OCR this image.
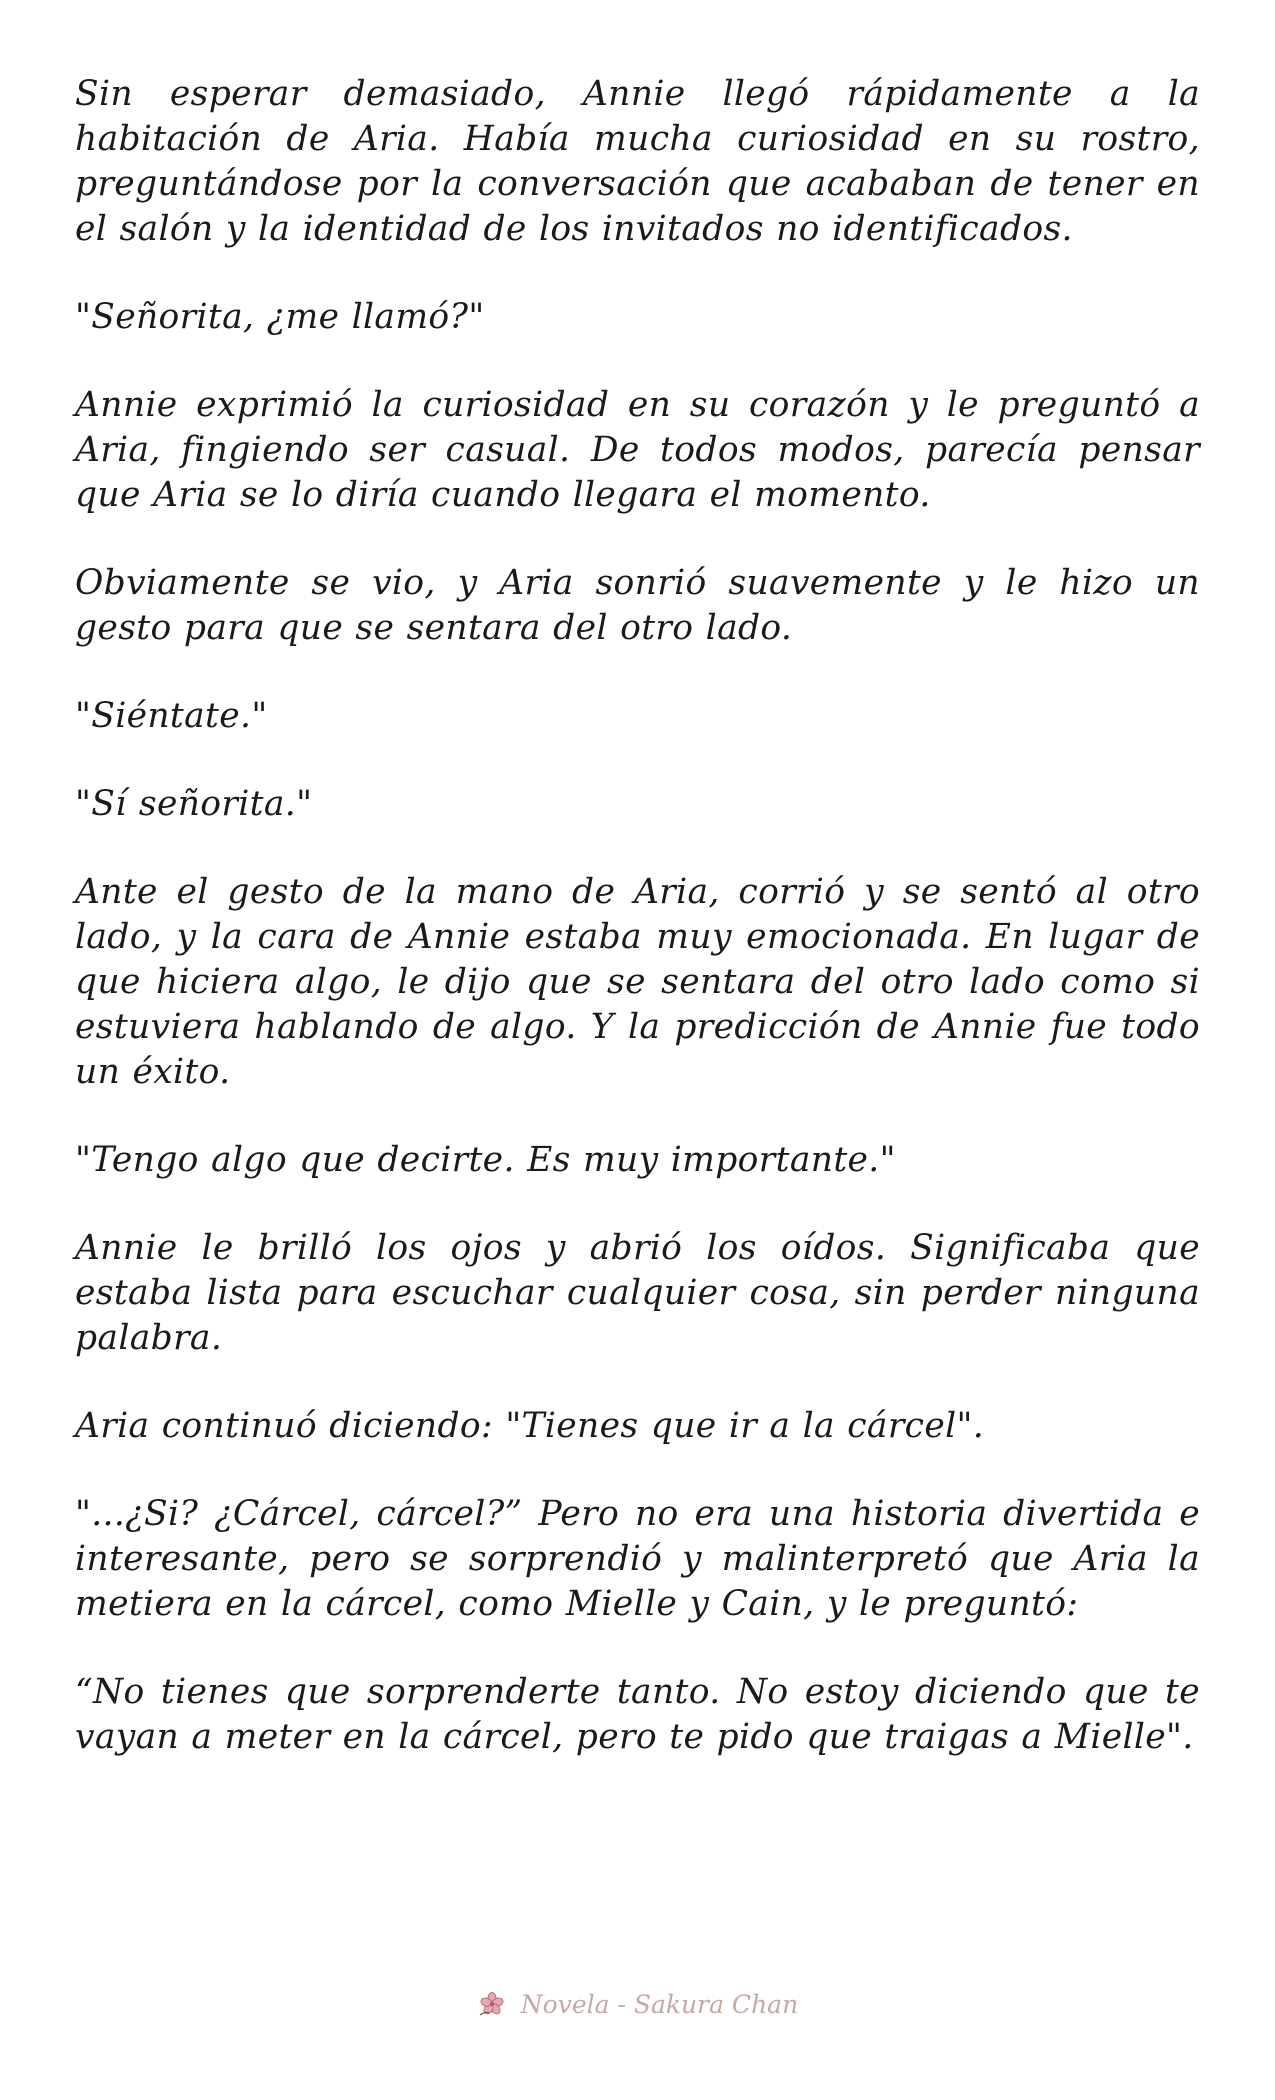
Sin esperar demasiado, Annie llegó rápidamente a la habitación de Aria. Había mucha curiosidad en su rostro, preguntándose por la conversación que acababan de tener en el salón y la identidad de los invitados no identificados.

"Señorita, ¿me llamó?"

Annie exprimió la curiosidad en su corazón y le preguntó a Aria, fingiendo ser casual. De todos modos, parecía pensar que Aria se lo diría cuando llegara el momento.

Obviamente se vio, y Aria sonrió suavemente y le hizo un gesto para que se sentara del otro lado.

"Siéntate."

"Sí señorita."

Ante el gesto de la mano de Aria, corrió y se sentó al otro lado, y la cara de Annie estaba muy emocionada. En lugar de que hiciera algo, le dijo que se sentara del otro lado como si estuviera hablando de algo. Y la predicción de Annie fue todo un éxito.

"Tengo algo que decirte. Es muy importante."

Annie le brilló los ojos y abrió los oídos. Significaba que estaba lista para escuchar cualquier cosa, sin perder ninguna palabra.

Aria continuó diciendo: "Tienes que ir a la cárcel".

"...¿Si? ¿Cárcel, cárcel?” Pero no era una historia divertida e interesante, pero se sorprendió y malinterpretó que Aria la metiera en la cárcel, como Mielle y Cain, y le preguntó:

“No tienes que sorprenderte tanto. No estoy diciendo que te vayan a meter en la cárcel, pero te pido que traigas a Mielle".

Novela - Sakura Chan
